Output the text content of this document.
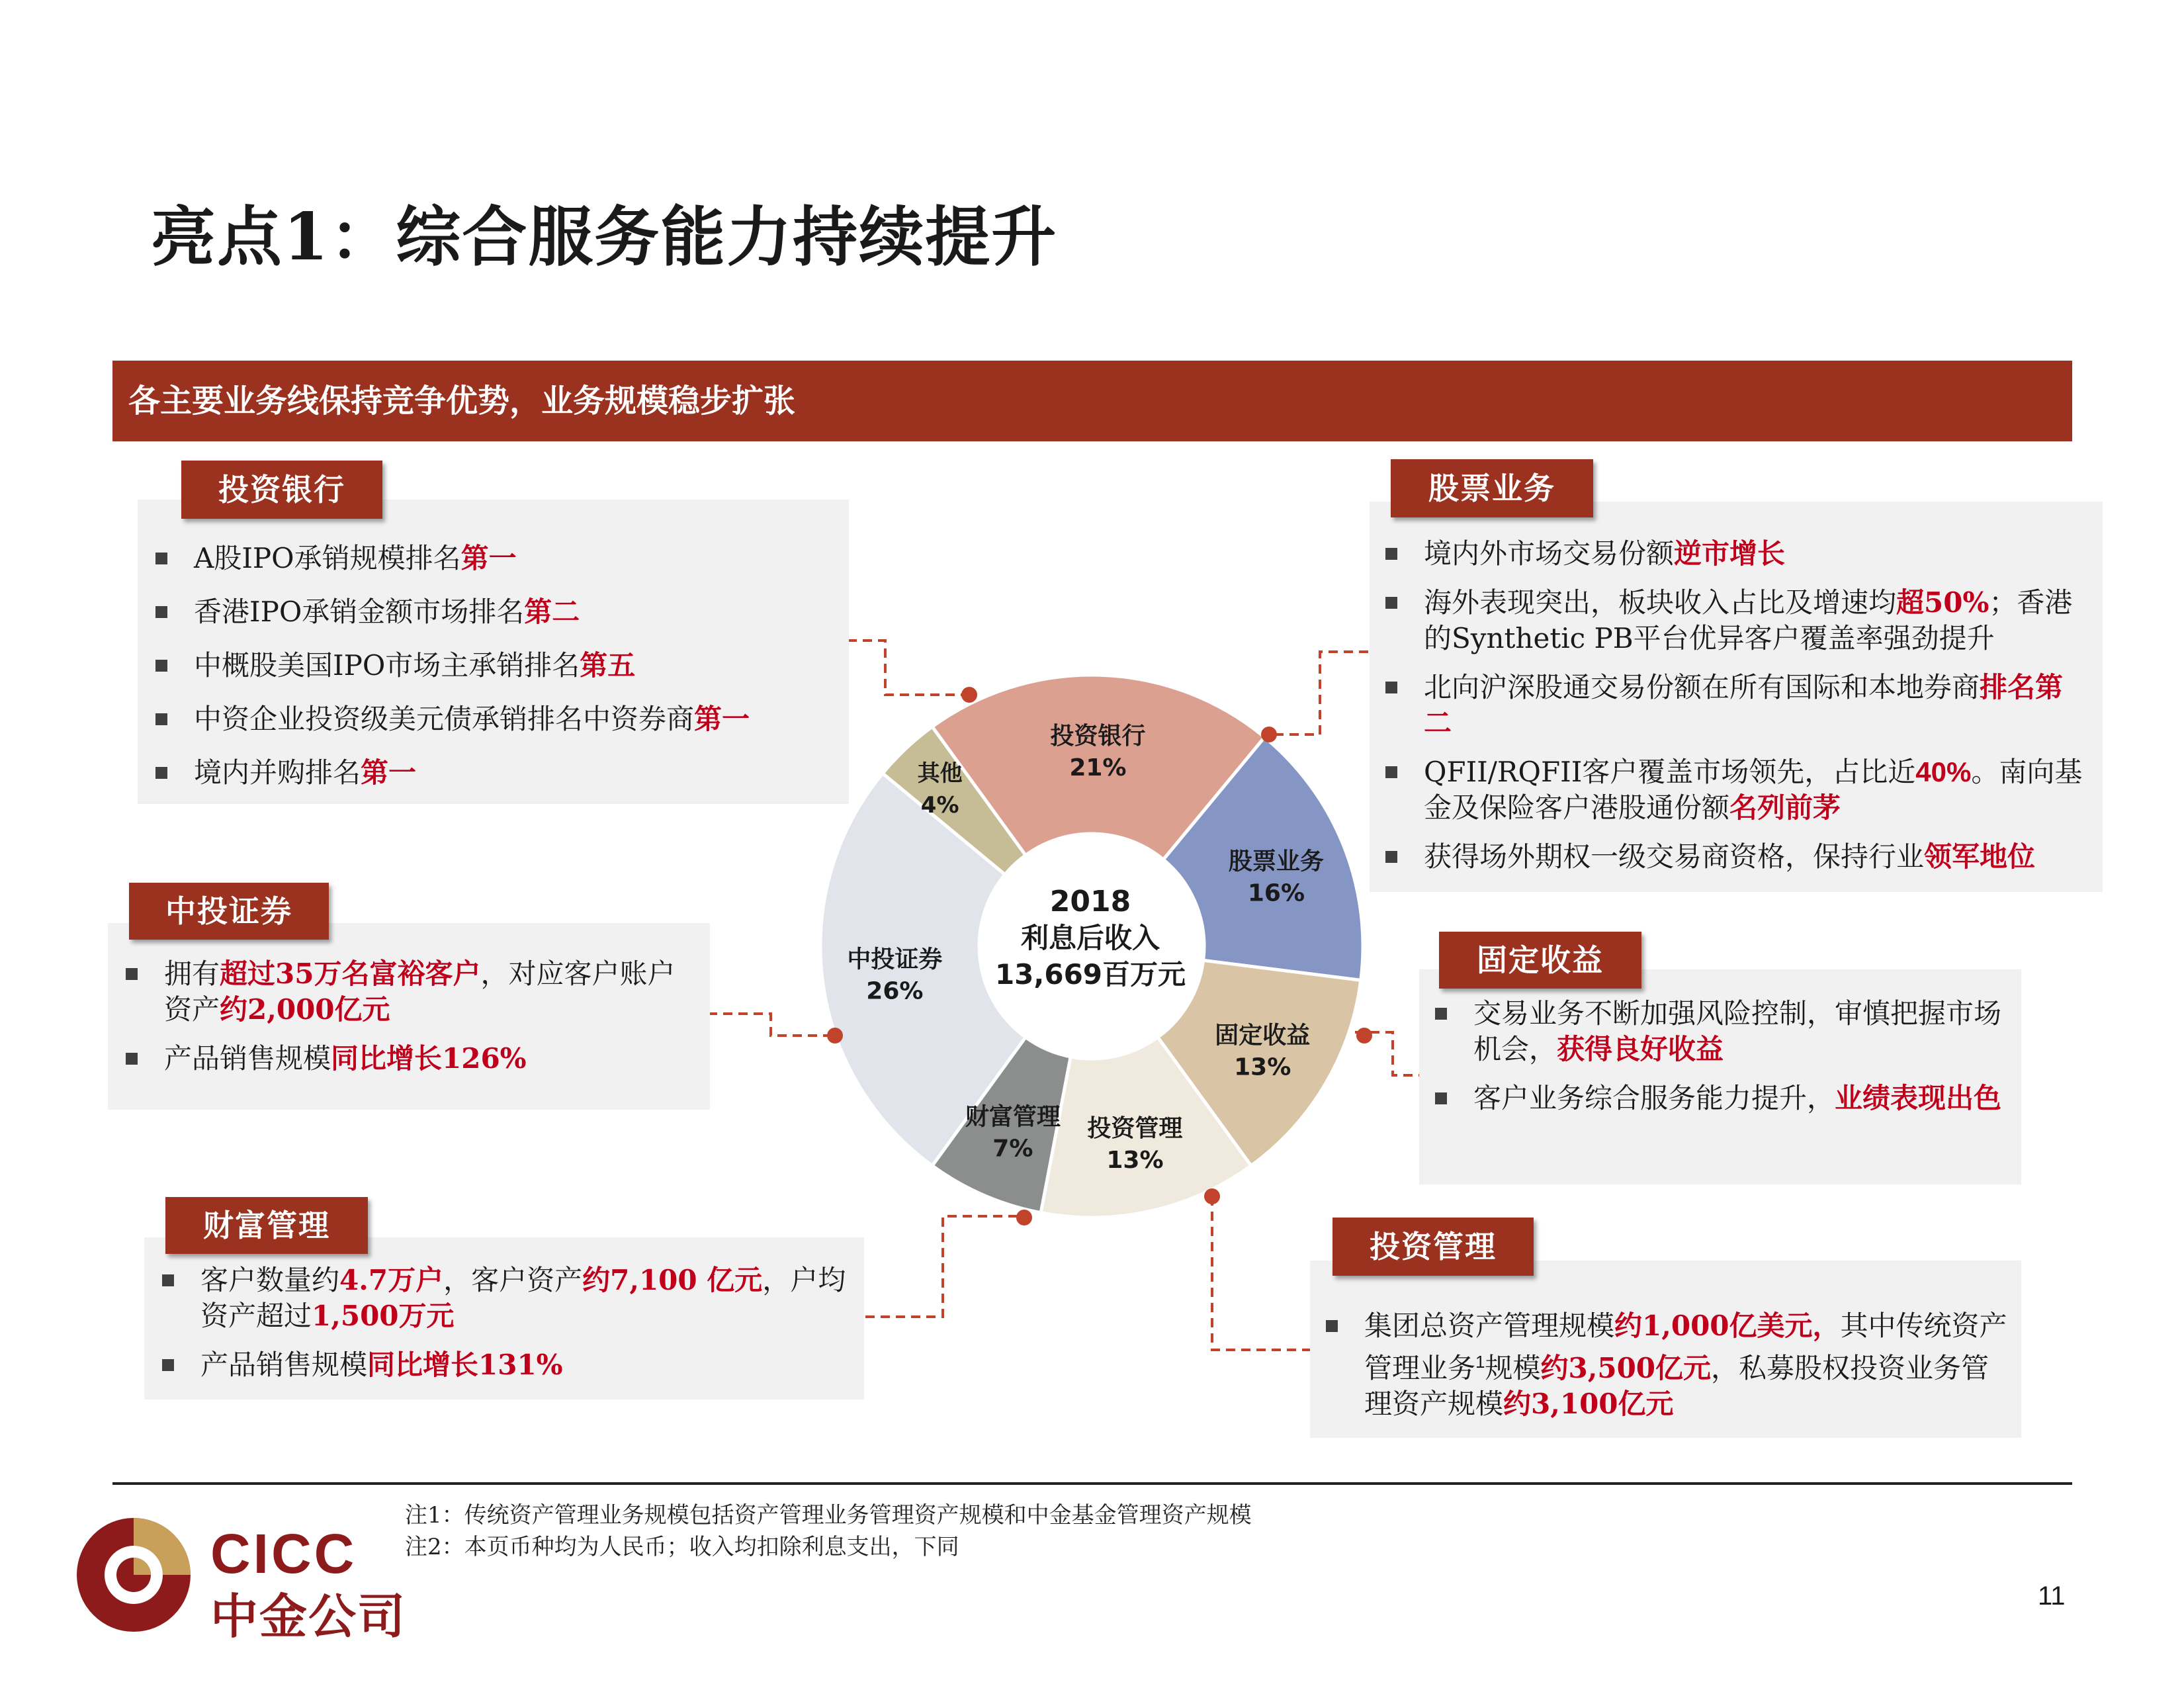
亮点1：综合服务能力持续提升
各主要业务线保持竞争优势，业务规模稳步扩张
A股IPO承销规模排名第一
香港IPO承销金额市场排名第二
中概股美国IPO市场主承销排名第五
中资企业投资级美元债承销排名中资券商第一
境内并购排名第一
投资银行
拥有超过35万名富裕客户，对应客户账户资产约2,000亿元
产品销售规模同比增长126%
中投证券
客户数量约4.7万户，客户资产约7,100 亿元，户均资产超过1,500万元
产品销售规模同比增长131%
财富管理
境内外市场交易份额逆市增长
海外表现突出，板块收入占比及增速均超50%；香港的Synthetic PB平台优异客户覆盖率强劲提升
北向沪深股通交易份额在所有国际和本地券商排名第二
QFII/RQFII客户覆盖市场领先，占比近40%。南向基金及保险客户港股通份额名列前茅
获得场外期权一级交易商资格，保持行业领军地位
股票业务
交易业务不断加强风险控制，审慎把握市场机会，获得良好收益
客户业务综合服务能力提升，业绩表现出色
固定收益
集团总资产管理规模约1,000亿美元，其中传统资产管理业务$^1$规模约3,500亿元，私募股权投资业务管理资产规模约3,100亿元
投资管理
投资银行
21%
股票业务
16%
固定收益
13%
投资管理
13%
财富管理
7%
中投证券
26%
其他
4%
2018
利息后收入
13,669百万元
注1：传统资产管理业务规模包括资产管理业务管理资产规模和中金基金管理资产规模
注2：本页币种均为人民币；收入均扣除利息支出，下同
CICC
中金公司	11
